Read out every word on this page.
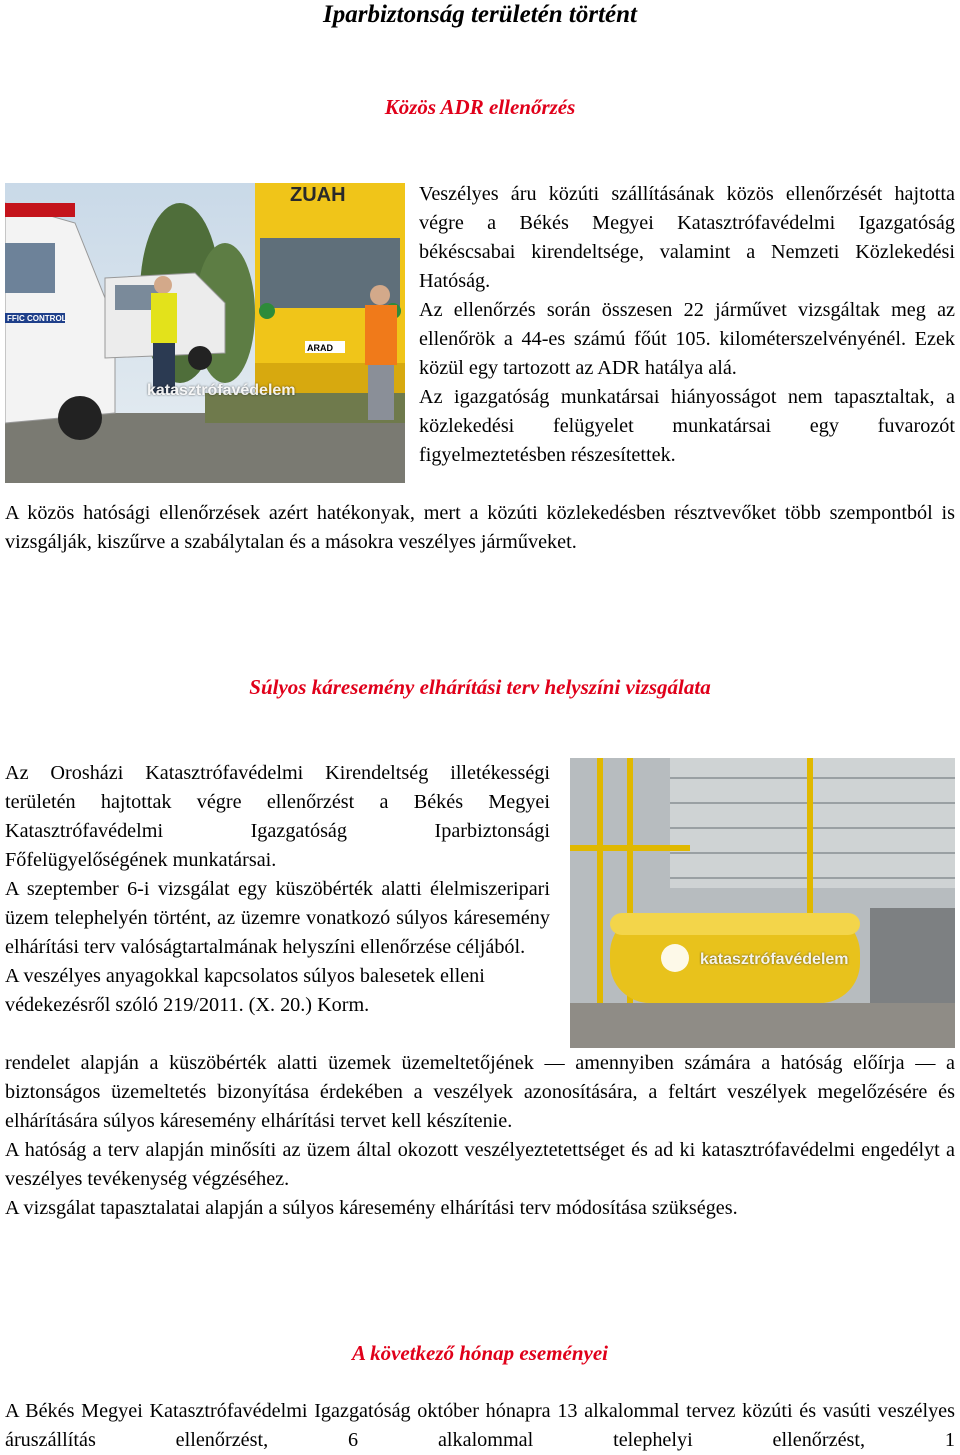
Iparbiztonság területén történt
Közös ADR ellenőrzés
FFIC CONTROL
ZUAH
ARAD
katasztrófavédelem

Veszélyes áru közúti szállításának közös ellenőrzését hajtotta végre a Békés Megyei Katasztrófavédelmi Igazgatóság békéscsabai kirendeltsége, valamint a Nemzeti Közlekedési Hatóság.

Az ellenőrzés során összesen 22 járművet vizsgáltak meg az ellenőrök a 44-es számú főút 105. kilométerszelvényénél. Ezek közül egy tartozott az ADR hatálya alá.

Az igazgatóság munkatársai hiányosságot nem tapasztaltak, a közlekedési felügyelet munkatársai egy fuvarozót figyelmeztetésben részesítettek.

A közös hatósági ellenőrzések azért hatékonyak, mert a közúti közlekedésben résztvevőket több szempontból is vizsgálják, kiszűrve a szabálytalan és a másokra veszélyes járműveket.

Súlyos káresemény elhárítási terv helyszíni vizsgálata
katasztrófavédelem

Az Orosházi Katasztrófavédelmi Kirendeltség illetékességi területén hajtottak végre ellenőrzést a Békés Megyei Katasztrófavédelmi Igazgatóság Iparbiztonsági Főfelügyelőségének munkatársai.

A szeptember 6-i vizsgálat egy küszöbérték alatti élelmiszeripari üzem telephelyén történt, az üzemre vonatkozó súlyos káresemény elhárítási terv valóságtartalmának helyszíni ellenőrzése céljából.

A veszélyes anyagokkal kapcsolatos súlyos balesetek elleni védekezésről szóló 219/2011. (X. 20.) Korm.

rendelet alapján a küszöbérték alatti üzemek üzemeltetőjének — amennyiben számára a hatóság előírja — a biztonságos üzemeltetés bizonyítása érdekében a veszélyek azonosítására, a feltárt veszélyek megelőzésére és elhárítására súlyos káresemény elhárítási tervet kell készítenie.

A hatóság a terv alapján minősíti az üzem által okozott veszélyeztetettséget és ad ki katasztrófavédelmi engedélyt a veszélyes tevékenység végzéséhez.

A vizsgálat tapasztalatai alapján a súlyos káresemény elhárítási terv módosítása szükséges.

A következő hónap eseményei

A Békés Megyei Katasztrófavédelmi Igazgatóság október hónapra 13 alkalommal tervez közúti és vasúti veszélyes áruszállítás ellenőrzést, 6 alkalommal telephelyi ellenőrzést, 1
